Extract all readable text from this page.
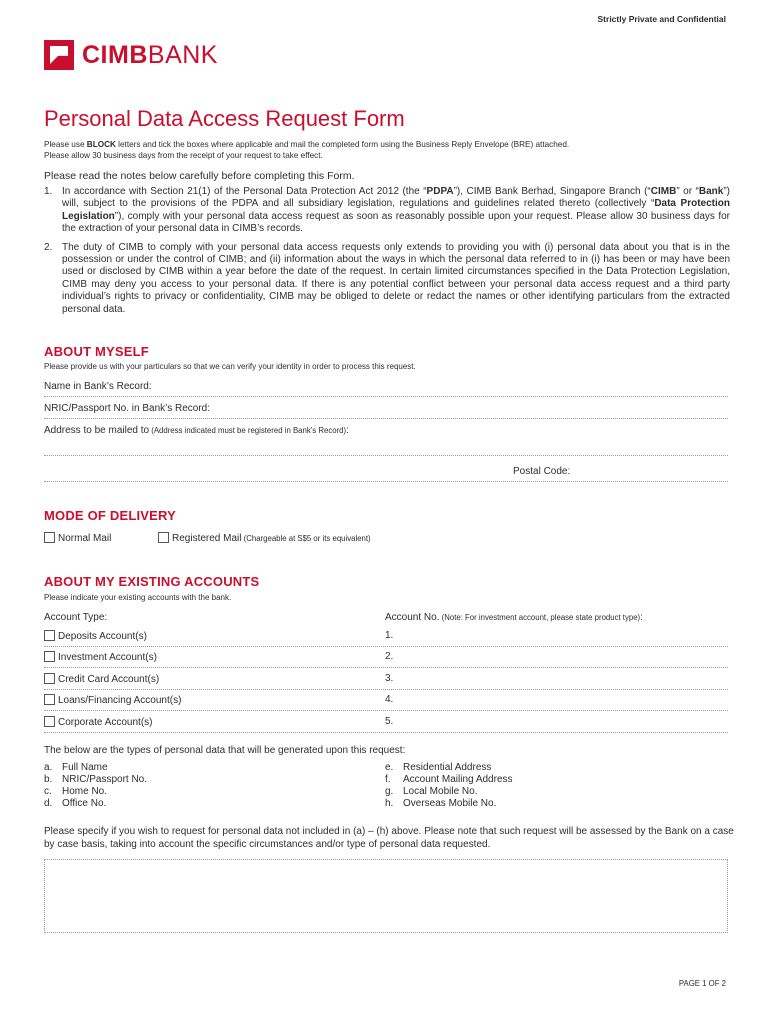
Strictly Private and Confidential
CIMBBANK
Personal Data Access Request Form
Please use BLOCK letters and tick the boxes where applicable and mail the completed form using the Business Reply Envelope (BRE) attached.
Please allow 30 business days from the receipt of your request to take effect.
Please read the notes below carefully before completing this Form.
1. In accordance with Section 21(1) of the Personal Data Protection Act 2012 (the “PDPA”), CIMB Bank Berhad, Singapore Branch (“CIMB” or “Bank”) will, subject to the provisions of the PDPA and all subsidiary legislation, regulations and guidelines related thereto (collectively “Data Protection Legislation”), comply with your personal data access request as soon as reasonably possible upon your request. Please allow 30 business days for the extraction of your personal data in CIMB’s records.
2. The duty of CIMB to comply with your personal data access requests only extends to providing you with (i) personal data about you that is in the possession or under the control of CIMB; and (ii) information about the ways in which the personal data referred to in (i) has been or may have been used or disclosed by CIMB within a year before the date of the request. In certain limited circumstances specified in the Data Protection Legislation, CIMB may deny you access to your personal data. If there is any potential conflict between your personal data access request and a third party individual’s rights to privacy or confidentiality, CIMB may be obliged to delete or redact the names or other identifying particulars from the extracted personal data.
ABOUT MYSELF
Please provide us with your particulars so that we can verify your identity in order to process this request.
Name in Bank’s Record:
NRIC/Passport No. in Bank’s Record:
Address to be mailed to (Address indicated must be registered in Bank’s Record):
Postal Code:
MODE OF DELIVERY
Normal Mail	Registered Mail (Chargeable at S$5 or its equivalent)
ABOUT MY EXISTING ACCOUNTS
Please indicate your existing accounts with the bank.
Account Type:	Account No. (Note: For investment account, please state product type):
Deposits Account(s)	1.
Investment Account(s)	2.
Credit Card Account(s)	3.
Loans/Financing Account(s)	4.
Corporate Account(s)	5.
The below are the types of personal data that will be generated upon this request:
a. Full Name
b. NRIC/Passport No.
c. Home No.
d. Office No.
e. Residential Address
f. Account Mailing Address
g. Local Mobile No.
h. Overseas Mobile No.
Please specify if you wish to request for personal data not included in (a) – (h) above. Please note that such request will be assessed by the Bank on a case by case basis, taking into account the specific circumstances and/or type of personal data requested.
PAGE 1 OF 2
